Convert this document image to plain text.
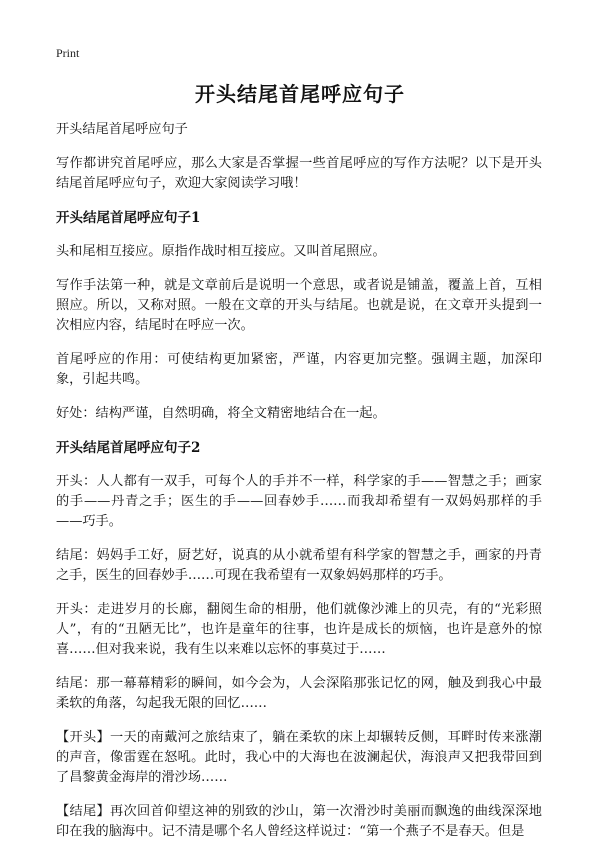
Print
开头结尾首尾呼应句子

开头结尾首尾呼应句子

写作都讲究首尾呼应，那么大家是否掌握一些首尾呼应的写作方法呢？以下是开头结尾首尾呼应句子，欢迎大家阅读学习哦！

开头结尾首尾呼应句子1

头和尾相互接应。原指作战时相互接应。又叫首尾照应。

写作手法第一种，就是文章前后是说明一个意思，或者说是铺盖，覆盖上首，互相照应。所以，又称对照。一般在文章的开头与结尾。也就是说，在文章开头提到一次相应内容，结尾时在呼应一次。

首尾呼应的作用：可使结构更加紧密，严谨，内容更加完整。强调主题，加深印象，引起共鸣。

好处：结构严谨，自然明确，将全文精密地结合在一起。

开头结尾首尾呼应句子2

开头：人人都有一双手，可每个人的手并不一样，科学家的手——智慧之手；画家的手——丹青之手；医生的手——回春妙手……而我却希望有一双妈妈那样的手——巧手。

结尾：妈妈手工好，厨艺好，说真的从小就希望有科学家的智慧之手，画家的丹青之手，医生的回春妙手……可现在我希望有一双象妈妈那样的巧手。

开头：走进岁月的长廊，翻阅生命的相册，他们就像沙滩上的贝壳，有的“光彩照人”，有的“丑陋无比”，也许是童年的往事，也许是成长的烦恼，也许是意外的惊喜……但对我来说，我有生以来难以忘怀的事莫过于……

结尾：那一幕幕精彩的瞬间，如今会为，人会深陷那张记忆的网，触及到我心中最柔软的角落，勾起我无限的回忆……

【开头】一天的南戴河之旅结束了，躺在柔软的床上却辗转反侧，耳畔时传来涨潮的声音，像雷霆在怒吼。此时，我心中的大海也在波澜起伏，海浪声又把我带回到了昌黎黄金海岸的滑沙场……

【结尾】再次回首仰望这神的别致的沙山，第一次滑沙时美丽而飘逸的曲线深深地印在我的脑海中。记不清是哪个名人曾经这样说过：“第一个燕子不是春天。但是
